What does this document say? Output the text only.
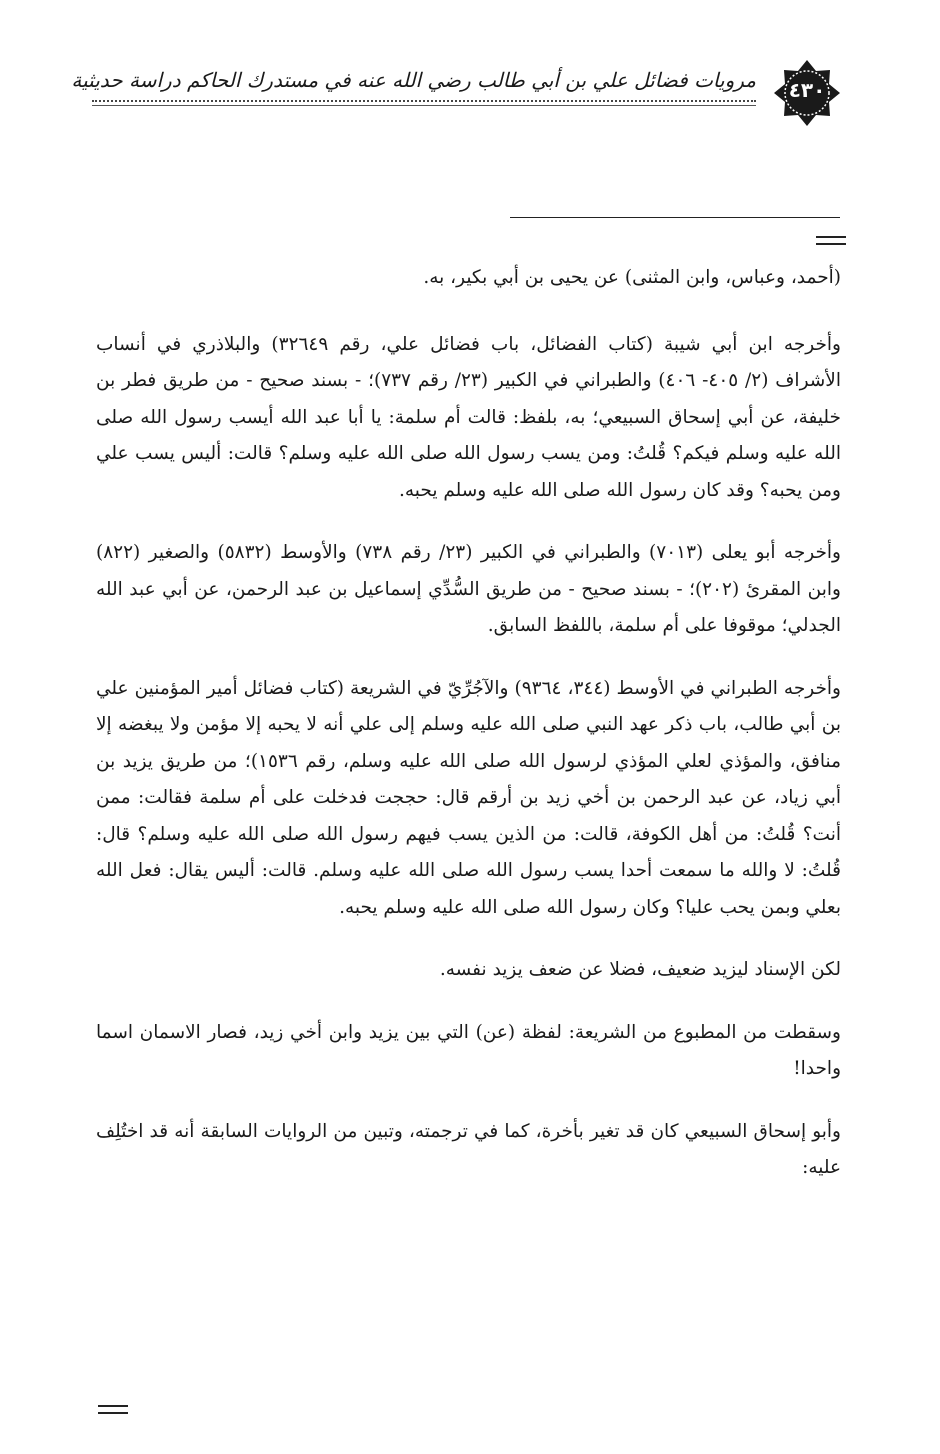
مرويات فضائل علي بن أبي طالب رضي الله عنه في مستدرك الحاكم دراسة حديثية	٤٣٠

(أحمد، وعباس، وابن المثنى) عن يحيى بن أبي بكير، به.

وأخرجه ابن أبي شيبة (كتاب الفضائل، باب فضائل علي، رقم ٣٢٦٤٩) والبلاذري في أنساب الأشراف (٢/ ٤٠٥- ٤٠٦) والطبراني في الكبير (٢٣/ رقم ٧٣٧)؛ - بسند صحيح - من طريق فطر بن خليفة، عن أبي إسحاق السبيعي؛ به، بلفظ: قالت أم سلمة: يا أبا عبد الله أيسب رسول الله صلى الله عليه وسلم فيكم؟ قُلتُ: ومن يسب رسول الله صلى الله عليه وسلم؟ قالت: أليس يسب علي ومن يحبه؟ وقد كان رسول الله صلى الله عليه وسلم يحبه.

وأخرجه أبو يعلى (٧٠١٣) والطبراني في الكبير (٢٣/ رقم ٧٣٨) والأوسط (٥٨٣٢) والصغير (٨٢٢) وابن المقرئ (٢٠٢)؛ - بسند صحيح - من طريق السُّدِّي إسماعيل بن عبد الرحمن، عن أبي عبد الله الجدلي؛ موقوفا على أم سلمة، باللفظ السابق.

وأخرجه الطبراني في الأوسط (٣٤٤، ٩٣٦٤) والآجُرِّيّ في الشريعة (كتاب فضائل أمير المؤمنين علي بن أبي طالب، باب ذكر عهد النبي صلى الله عليه وسلم إلى علي أنه لا يحبه إلا مؤمن ولا يبغضه إلا منافق، والمؤذي لعلي المؤذي لرسول الله صلى الله عليه وسلم، رقم ١٥٣٦)؛ من طريق يزيد بن أبي زياد، عن عبد الرحمن بن أخي زيد بن أرقم قال: حججت فدخلت على أم سلمة فقالت: ممن أنت؟ قُلتُ: من أهل الكوفة، قالت: من الذين يسب فيهم رسول الله صلى الله عليه وسلم؟ قال: قُلتُ: لا والله ما سمعت أحدا يسب رسول الله صلى الله عليه وسلم. قالت: أليس يقال: فعل الله بعلي وبمن يحب عليا؟ وكان رسول الله صلى الله عليه وسلم يحبه.

لكن الإسناد ليزيد ضعيف، فضلا عن ضعف يزيد نفسه.

وسقطت من المطبوع من الشريعة: لفظة (عن) التي بين يزيد وابن أخي زيد، فصار الاسمان اسما واحدا!

وأبو إسحاق السبيعي كان قد تغير بأخرة، كما في ترجمته، وتبين من الروايات السابقة أنه قد اختُلِف عليه:
